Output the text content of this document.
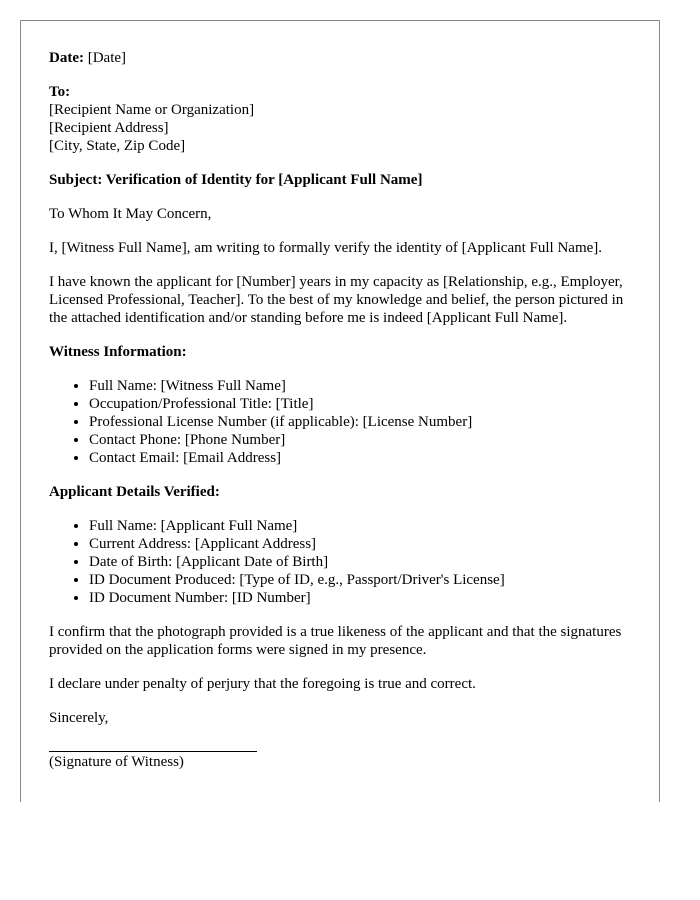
Date: [Date]

To:
[Recipient Name or Organization]
[Recipient Address]
[City, State, Zip Code]

Subject: Verification of Identity for [Applicant Full Name]

To Whom It May Concern,

I, [Witness Full Name], am writing to formally verify the identity of [Applicant Full Name].

I have known the applicant for [Number] years in my capacity as [Relationship, e.g., Employer, Licensed Professional, Teacher]. To the best of my knowledge and belief, the person pictured in the attached identification and/or standing before me is indeed [Applicant Full Name].

Witness Information:

• Full Name: [Witness Full Name]
• Occupation/Professional Title: [Title]
• Professional License Number (if applicable): [License Number]
• Contact Phone: [Phone Number]
• Contact Email: [Email Address]

Applicant Details Verified:

• Full Name: [Applicant Full Name]
• Current Address: [Applicant Address]
• Date of Birth: [Applicant Date of Birth]
• ID Document Produced: [Type of ID, e.g., Passport/Driver's License]
• ID Document Number: [ID Number]

I confirm that the photograph provided is a true likeness of the applicant and that the signatures provided on the application forms were signed in my presence.

I declare under penalty of perjury that the foregoing is true and correct.

Sincerely,

(Signature of Witness)
